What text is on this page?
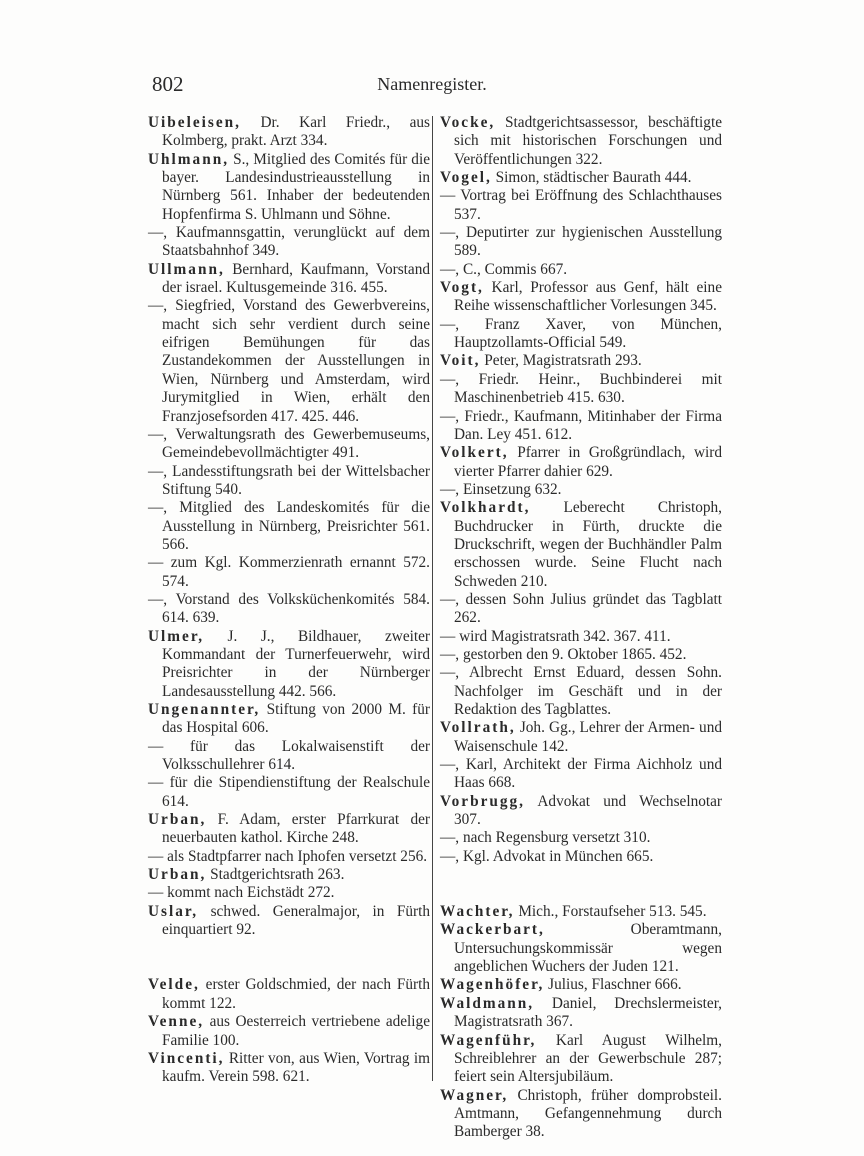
802	Namenregister.
Uibeleisen, Dr. Karl Friedr., aus Kolmberg, prakt. Arzt 334.
Uhlmann, S., Mitglied des Comités für die bayer. Landesindustrieausstellung in Nürnberg 561. Inhaber der bedeutenden Hopfenfirma S. Uhlmann und Söhne.
—, Kaufmannsgattin, verunglückt auf dem Staatsbahnhof 349.
Ullmann, Bernhard, Kaufmann, Vorstand der israel. Kultusgemeinde 316. 455.
—, Siegfried, Vorstand des Gewerbvereins, macht sich sehr verdient durch seine eifrigen Bemühungen für das Zustandekommen der Ausstellungen in Wien, Nürnberg und Amsterdam, wird Jurymitglied in Wien, erhält den Franzjosefsorden 417. 425. 446.
—, Verwaltungsrath des Gewerbemuseums, Gemeindebevollmächtigter 491.
—, Landesstiftungsrath bei der Wittelsbacher Stiftung 540.
—, Mitglied des Landeskomités für die Ausstellung in Nürnberg, Preisrichter 561. 566.
— zum Kgl. Kommerzienrath ernannt 572. 574.
—, Vorstand des Volksküchenkomités 584. 614. 639.
Ulmer, J. J., Bildhauer, zweiter Kommandant der Turnerfeuerwehr, wird Preisrichter in der Nürnberger Landesausstellung 442. 566.
Ungenannter, Stiftung von 2000 M. für das Hospital 606.
— für das Lokalwaisenstift der Volksschullehrer 614.
— für die Stipendienstiftung der Realschule 614.
Urban, F. Adam, erster Pfarrkurat der neuerbauten kathol. Kirche 248.
— als Stadtpfarrer nach Iphofen versetzt 256.
Urban, Stadtgerichtsrath 263.
— kommt nach Eichstädt 272.
Uslar, schwed. Generalmajor, in Fürth einquartiert 92.
Velde, erster Goldschmied, der nach Fürth kommt 122.
Venne, aus Oesterreich vertriebene adelige Familie 100.
Vincenti, Ritter von, aus Wien, Vortrag im kaufm. Verein 598. 621.
Vocke, Stadtgerichtsassessor, beschäftigte sich mit historischen Forschungen und Veröffentlichungen 322.
Vogel, Simon, städtischer Baurath 444.
— Vortrag bei Eröffnung des Schlachthauses 537.
—, Deputirter zur hygienischen Ausstellung 589.
—, C., Commis 667.
Vogt, Karl, Professor aus Genf, hält eine Reihe wissenschaftlicher Vorlesungen 345.
—, Franz Xaver, von München, Hauptzollamts-Official 549.
Voit, Peter, Magistratsrath 293.
—, Friedr. Heinr., Buchbinderei mit Maschinenbetrieb 415. 630.
—, Friedr., Kaufmann, Mitinhaber der Firma Dan. Ley 451. 612.
Volkert, Pfarrer in Großgründlach, wird vierter Pfarrer dahier 629.
—, Einsetzung 632.
Volkhardt, Leberecht Christoph, Buchdrucker in Fürth, druckte die Druckschrift, wegen der Buchhändler Palm erschossen wurde. Seine Flucht nach Schweden 210.
—, dessen Sohn Julius gründet das Tagblatt 262.
— wird Magistratsrath 342. 367. 411.
—, gestorben den 9. Oktober 1865. 452.
—, Albrecht Ernst Eduard, dessen Sohn. Nachfolger im Geschäft und in der Redaktion des Tagblattes.
Vollrath, Joh. Gg., Lehrer der Armen- und Waisenschule 142.
—, Karl, Architekt der Firma Aichholz und Haas 668.
Vorbrugg, Advokat und Wechselnotar 307.
—, nach Regensburg versetzt 310.
—, Kgl. Advokat in München 665.
Wachter, Mich., Forstaufseher 513. 545.
Wackerbart, Oberamtmann, Untersuchungskommissär wegen angeblichen Wuchers der Juden 121.
Wagenhöfer, Julius, Flaschner 666.
Waldmann, Daniel, Drechslermeister, Magistratsrath 367.
Wagenführ, Karl August Wilhelm, Schreiblehrer an der Gewerbschule 287; feiert sein Altersjubiläum.
Wagner, Christoph, früher domprobsteil. Amtmann, Gefangennehmung durch Bamberger 38.
